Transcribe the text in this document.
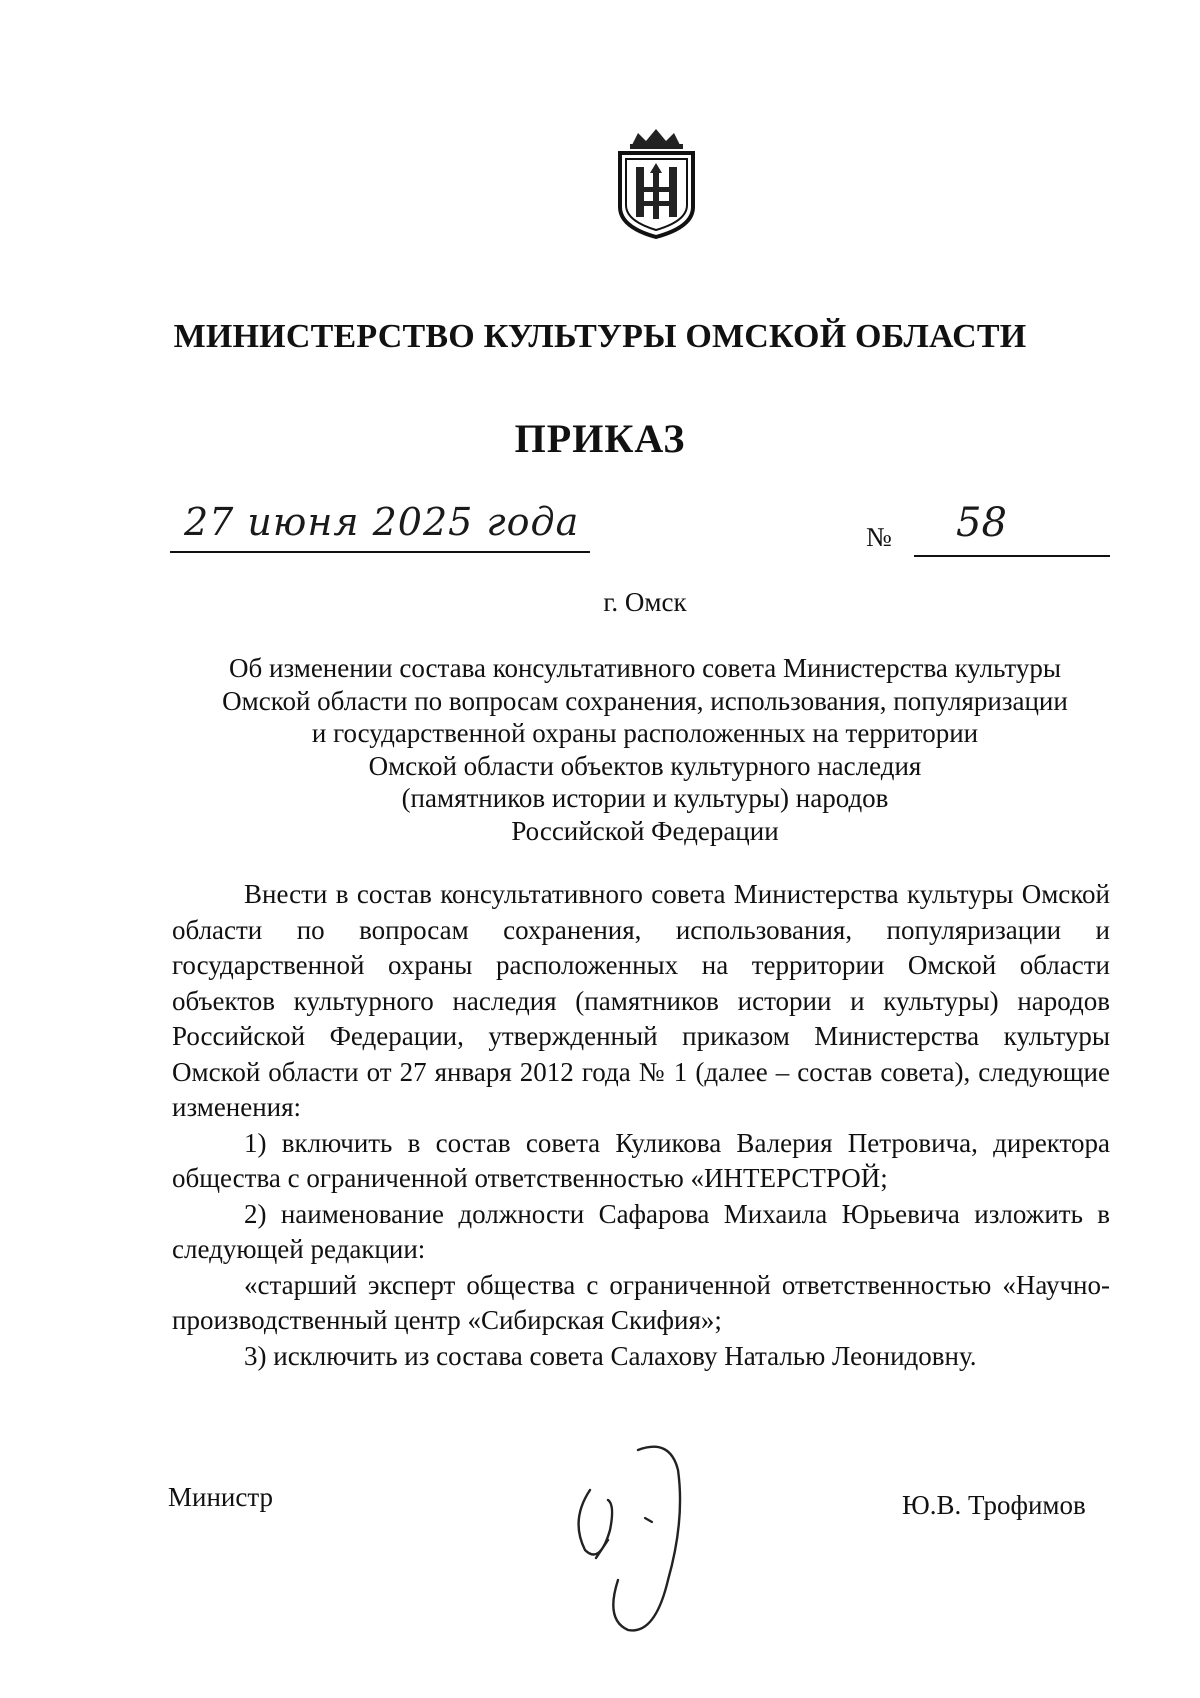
МИНИСТЕРСТВО КУЛЬТУРЫ ОМСКОЙ ОБЛАСТИ
ПРИКАЗ
27 июня 2025 года	№ 58
г. Омск
Об изменении состава консультативного совета Министерства культуры
Омской области по вопросам сохранения, использования, популяризации
и государственной охраны расположенных на территории
Омской области объектов культурного наследия
(памятников истории и культуры) народов
Российской Федерации

Внести в состав консультативного совета Министерства культуры Омской области по вопросам сохранения, использования, популяризации и государственной охраны расположенных на территории Омской области объектов культурного наследия (памятников истории и культуры) народов Российской Федерации, утвержденный приказом Министерства культуры Омской области от 27 января 2012 года № 1 (далее – состав совета), следующие изменения:

1) включить в состав совета Куликова Валерия Петровича, директора общества с ограниченной ответственностью «ИНТЕРСТРОЙ;

2) наименование должности Сафарова Михаила Юрьевича изложить в следующей редакции:

«старший эксперт общества с ограниченной ответственностью «Научно-производственный центр «Сибирская Скифия»;

3) исключить из состава совета Салахову Наталью Леонидовну.

Министр	Ю.В. Трофимов
